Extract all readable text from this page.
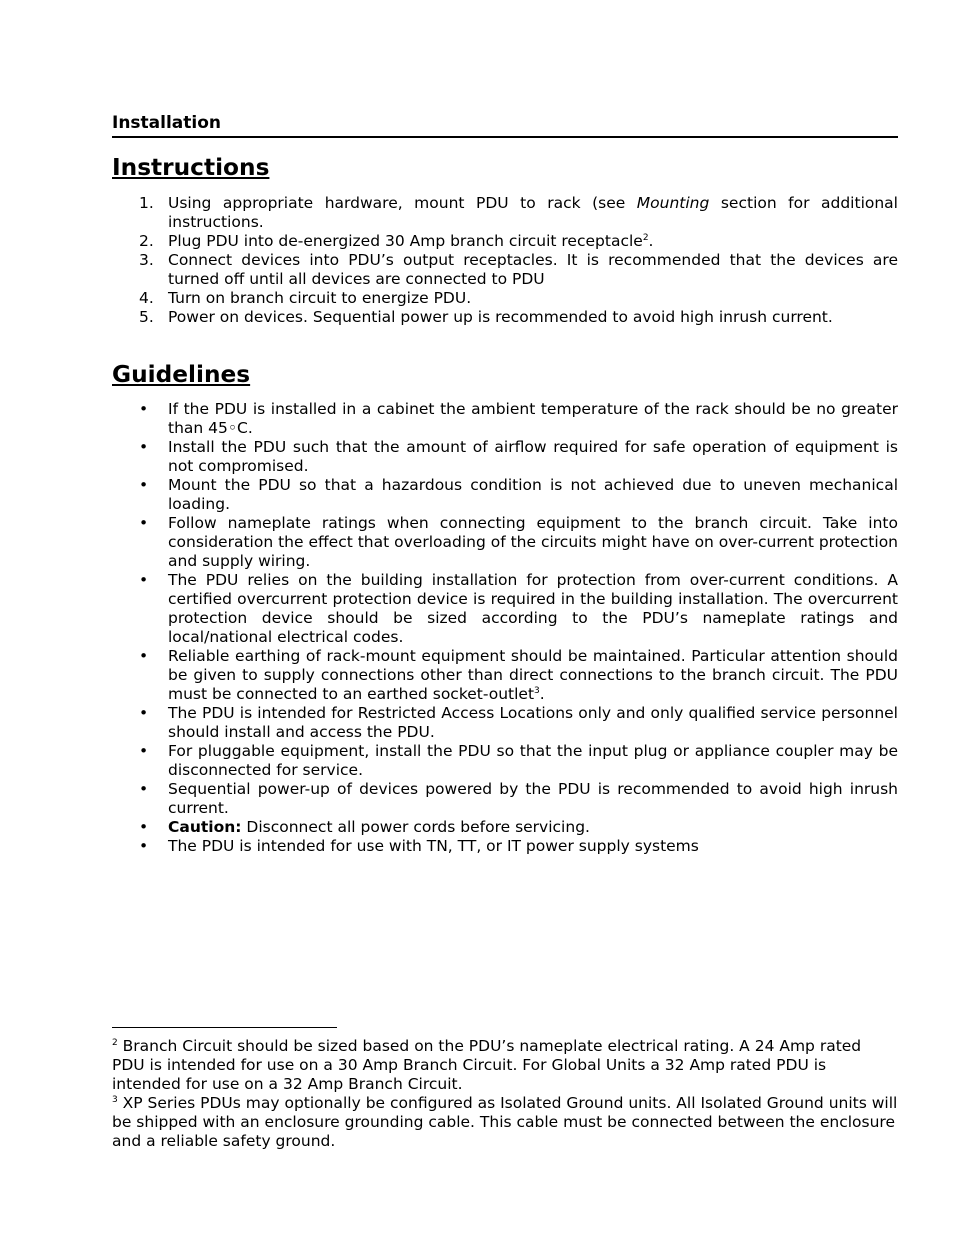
Installation
Instructions
1. Using appropriate hardware, mount PDU to rack (see Mounting section for additional instructions.
2. Plug PDU into de-energized 30 Amp branch circuit receptacle$^2$.
3. Connect devices into PDU’s output receptacles. It is recommended that the devices are turned off until all devices are connected to PDU
4. Turn on branch circuit to energize PDU.
5. Power on devices. Sequential power up is recommended to avoid high inrush current.
Guidelines
• If the PDU is installed in a cabinet the ambient temperature of the rack should be no greater than 45◦C.
• Install the PDU such that the amount of airflow required for safe operation of equipment is not compromised.
• Mount the PDU so that a hazardous condition is not achieved due to uneven mechanical loading.
• Follow nameplate ratings when connecting equipment to the branch circuit. Take into consideration the effect that overloading of the circuits might have on over-current protection and supply wiring.
• The PDU relies on the building installation for protection from over-current conditions. A certified overcurrent protection device is required in the building installation. The overcurrent protection device should be sized according to the PDU’s nameplate ratings and local/national electrical codes.
• Reliable earthing of rack-mount equipment should be maintained. Particular attention should be given to supply connections other than direct connections to the branch circuit. The PDU must be connected to an earthed socket-outlet$^3$.
• The PDU is intended for Restricted Access Locations only and only qualified service personnel should install and access the PDU.
• For pluggable equipment, install the PDU so that the input plug or appliance coupler may be disconnected for service.
• Sequential power-up of devices powered by the PDU is recommended to avoid high inrush current.
• Caution: Disconnect all power cords before servicing.
• The PDU is intended for use with TN, TT, or IT power supply systems

$^2$ Branch Circuit should be sized based on the PDU’s nameplate electrical rating. A 24 Amp rated PDU is intended for use on a 30 Amp Branch Circuit. For Global Units a 32 Amp rated PDU is intended for use on a 32 Amp Branch Circuit.

$^3$ XP Series PDUs may optionally be configured as Isolated Ground units. All Isolated Ground units will be shipped with an enclosure grounding cable. This cable must be connected between the enclosure and a reliable safety ground.
